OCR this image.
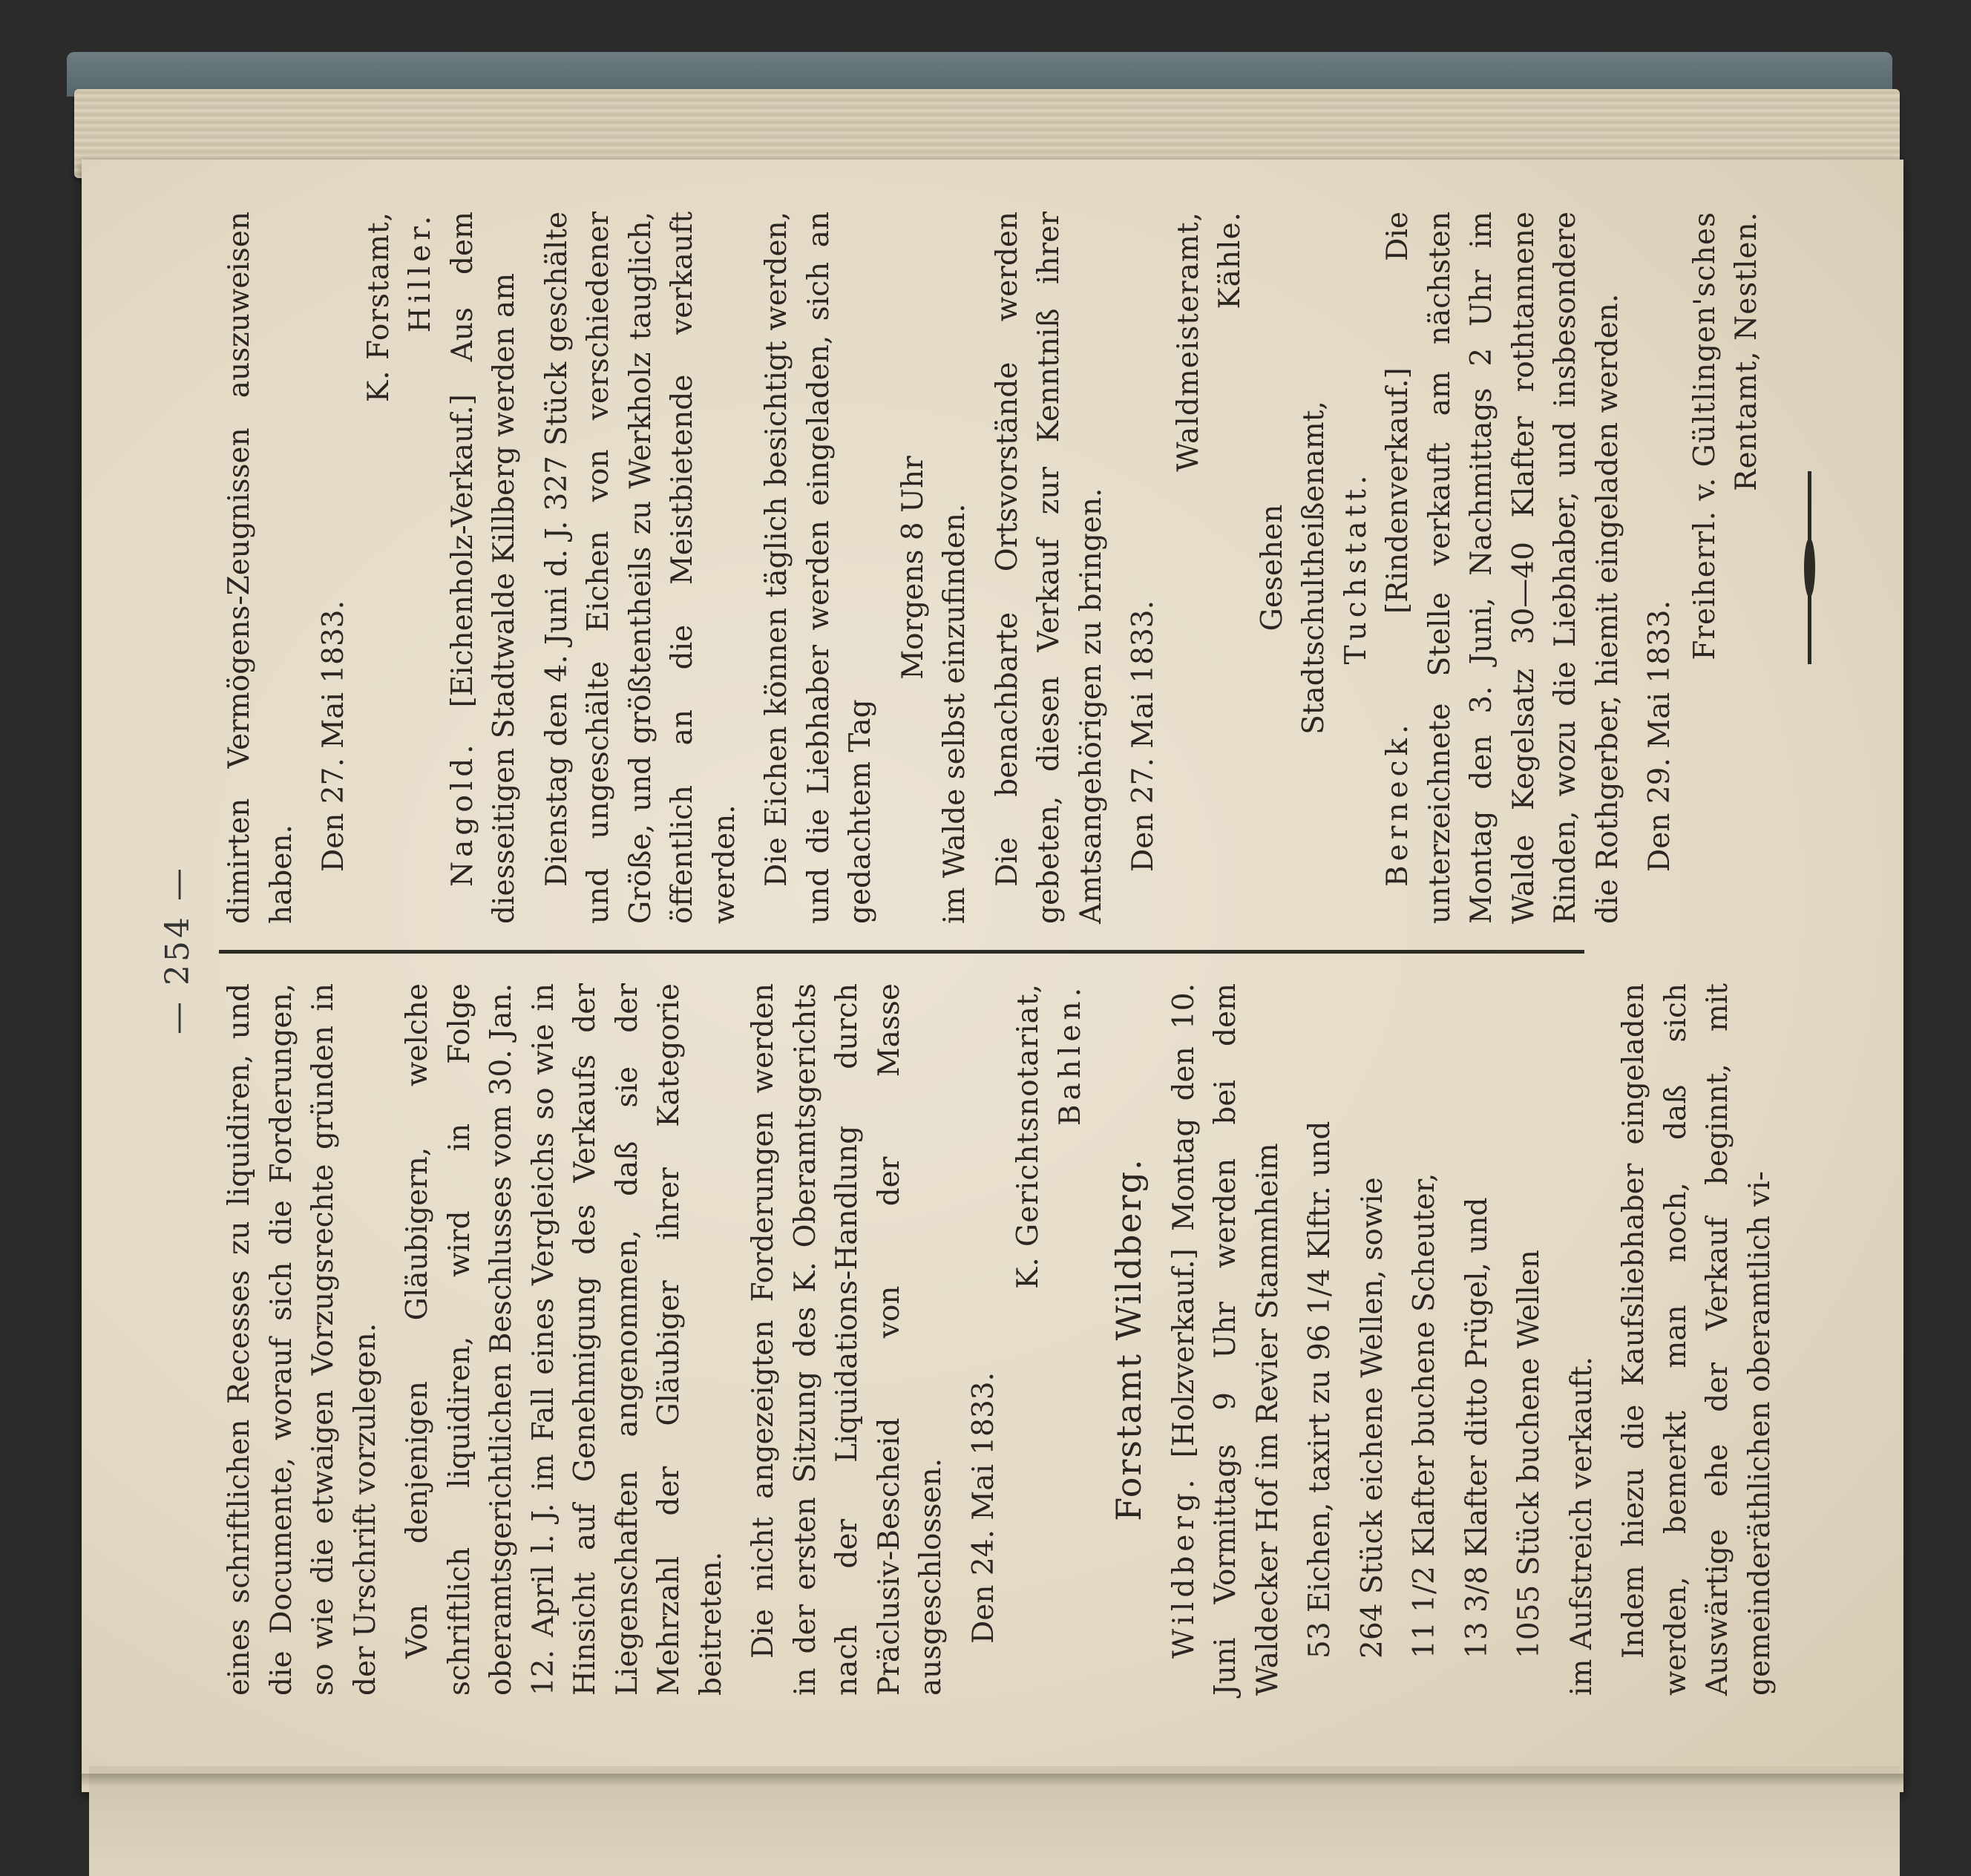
— 254 —

eines schriftlichen Recesses zu liquidiren, und die Documente, worauf sich die Forderungen, so wie die etwaigen Vorzugsrechte gründen in der Urschrift vorzulegen. Von denjenigen Gläubigern, welche schriftlich liquidiren, wird in Folge oberamtsgerichtlichen Beschlusses vom 30. Jan. 12. April l. J. im Fall eines Vergleichs so wie in Hinsicht auf Genehmigung des Verkaufs der Liegenschaften angenommen, daß sie der Mehrzahl der Gläubiger ihrer Kategorie beitreten. Die nicht angezeigten Forderungen werden in der ersten Sitzung des K. Oberamtsgerichts nach der Liquidations-Handlung durch Präclusiv-Bescheid von der Masse ausgeschlossen. Den 24. Mai 1833.

K. Gerichtsnotariat, Bahlen.

Forstamt Wildberg.

Wildberg. [Holzverkauf.] Montag den 10. Juni Vormittags 9 Uhr werden bei dem Waldecker Hof im Revier Stammheim 53 Eichen, taxirt zu 96 1/4 Klftr. und 264 Stück eichene Wellen, sowie 11 1/2 Klafter buchene Scheuter, 13 3/8 Klafter ditto Prügel, und 1055 Stück buchene Wellen im Aufstreich verkauft. Indem hiezu die Kaufsliebhaber eingeladen werden, bemerkt man noch, daß sich Auswärtige ehe der Verkauf beginnt, mit gemeinderäthlichen oberamtlich vi-

dimirten Vermögens-Zeugnissen auszuweisen haben.

Den 27. Mai 1833.

K. Forstamt, Hiller.

Nagold. [Eichenholz-Verkauf.] Aus dem diesseitigen Stadtwalde Killberg werden am Dienstag den 4. Juni d. J. 327 Stück geschälte und ungeschälte Eichen von verschiedener Größe, und größtentheils zu Werkholz tauglich, öffentlich an die Meistbietende verkauft werden. Die Eichen können täglich besichtigt werden, und die Liebhaber werden eingeladen, sich an gedachtem Tag

Morgens 8 Uhr im Walde selbst einzufinden. Die benachbarte Ortsvorstände werden gebeten, diesen Verkauf zur Kenntniß ihrer Amtsangehörigen zu bringen. Den 27. Mai 1833.

Waldmeisteramt, Kähle.

Gesehen Stadtschultheißenamt, Tuchstatt.

Berneck. [Rindenverkauf.] Die unterzeichnete Stelle verkauft am nächsten Montag den 3. Juni, Nachmittags 2 Uhr im Walde Kegelsatz 30—40 Klafter rothtannene Rinden, wozu die Liebhaber, und insbesondere die Rothgerber, hiemit eingeladen werden. Den 29. Mai 1833.

Freiherrl. v. Gültlingen'sches Rentamt, Nestlen.
